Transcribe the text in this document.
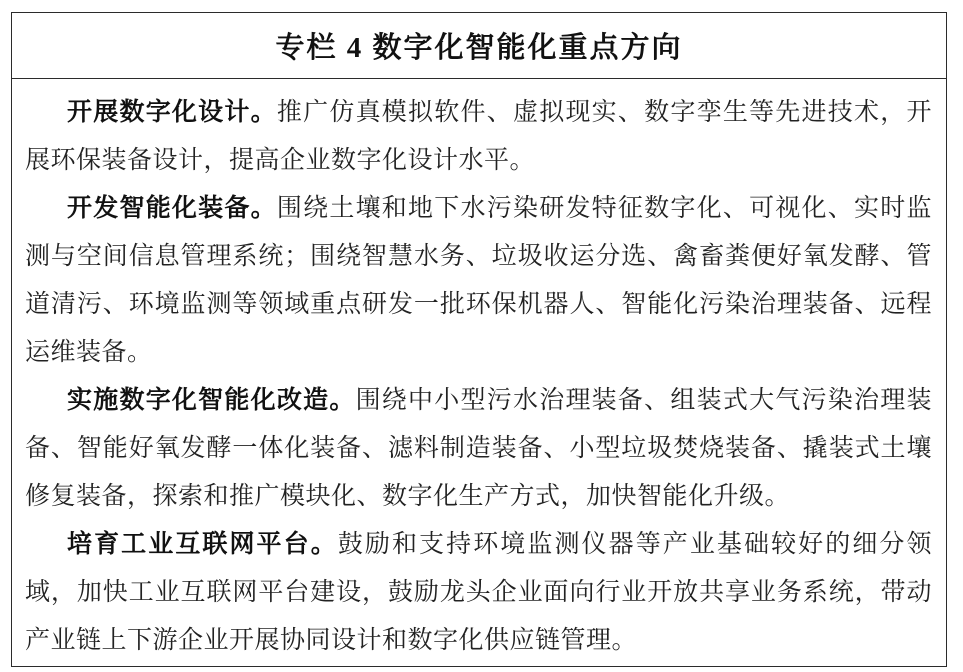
专栏 4 数字化智能化重点方向

开展数字化设计。推广仿真模拟软件、虚拟现实、数字孪生等先进技术，开展环保装备设计，提高企业数字化设计水平。

开发智能化装备。围绕土壤和地下水污染研发特征数字化、可视化、实时监测与空间信息管理系统；围绕智慧水务、垃圾收运分选、禽畜粪便好氧发酵、管道清污、环境监测等领域重点研发一批环保机器人、智能化污染治理装备、远程运维装备。

实施数字化智能化改造。围绕中小型污水治理装备、组装式大气污染治理装备、智能好氧发酵一体化装备、滤料制造装备、小型垃圾焚烧装备、撬装式土壤修复装备，探索和推广模块化、数字化生产方式，加快智能化升级。

培育工业互联网平台。鼓励和支持环境监测仪器等产业基础较好的细分领域，加快工业互联网平台建设，鼓励龙头企业面向行业开放共享业务系统，带动产业链上下游企业开展协同设计和数字化供应链管理。
